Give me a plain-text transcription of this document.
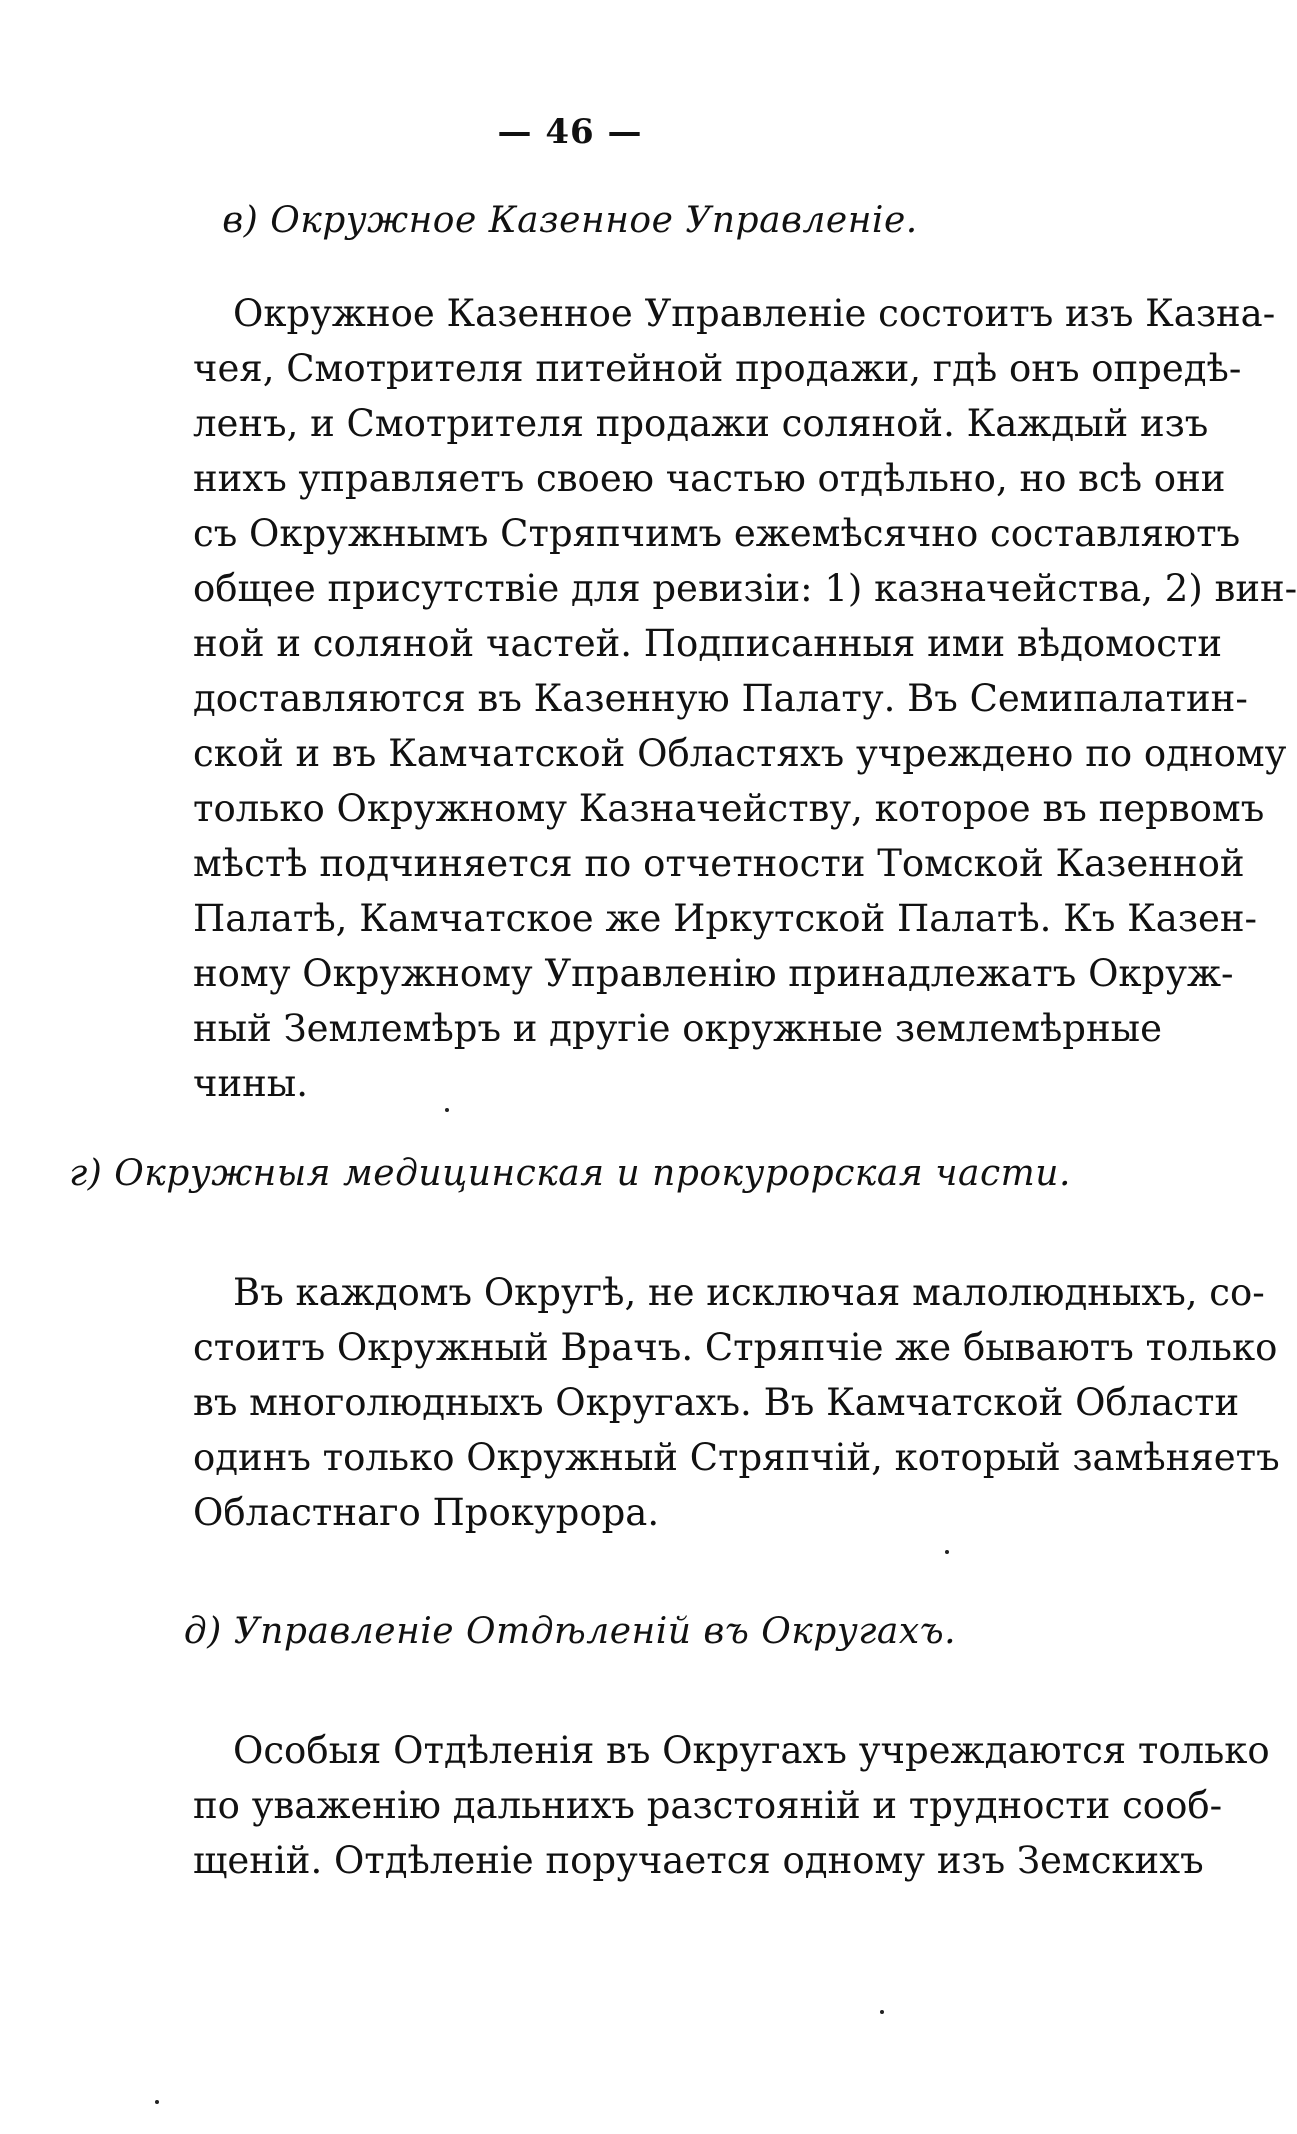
— 46 —
в) Окружное Казенное Управленіе.
Окружное Казенное Управленіе состоитъ изъ Казна-
чея, Смотрителя питейной продажи, гдѣ онъ опредѣ-
ленъ, и Смотрителя продажи соляной. Каждый изъ
нихъ управляетъ своею частью отдѣльно, но всѣ они
съ Окружнымъ Стряпчимъ ежемѣсячно составляютъ
общее присутствіе для ревизіи: 1) казначейства, 2) вин-
ной и соляной частей. Подписанныя ими вѣдомости
доставляются въ Казенную Палату. Въ Семипалатин-
ской и въ Камчатской Областяхъ учреждено по одному
только Окружному Казначейству, которое въ первомъ
мѣстѣ подчиняется по отчетности Томской Казенной
Палатѣ, Камчатское же Иркутской Палатѣ. Къ Казен-
ному Окружному Управленію принадлежатъ Окруж-
ный Землемѣръ и другіе окружные землемѣрные
чины.
г) Окружныя медицинская и прокурорская части.
Въ каждомъ Округѣ, не исключая малолюдныхъ, со-
стоитъ Окружный Врачъ. Стряпчіе же бываютъ только
въ многолюдныхъ Округахъ. Въ Камчатской Области
одинъ только Окружный Стряпчій, который замѣняетъ
Областнаго Прокурора.
д) Управленіе Отдѣленій въ Округахъ.
Особыя Отдѣленія въ Округахъ учреждаются только
по уваженію дальнихъ разстояній и трудности сооб-
щеній. Отдѣленіе поручается одному изъ Земскихъ
